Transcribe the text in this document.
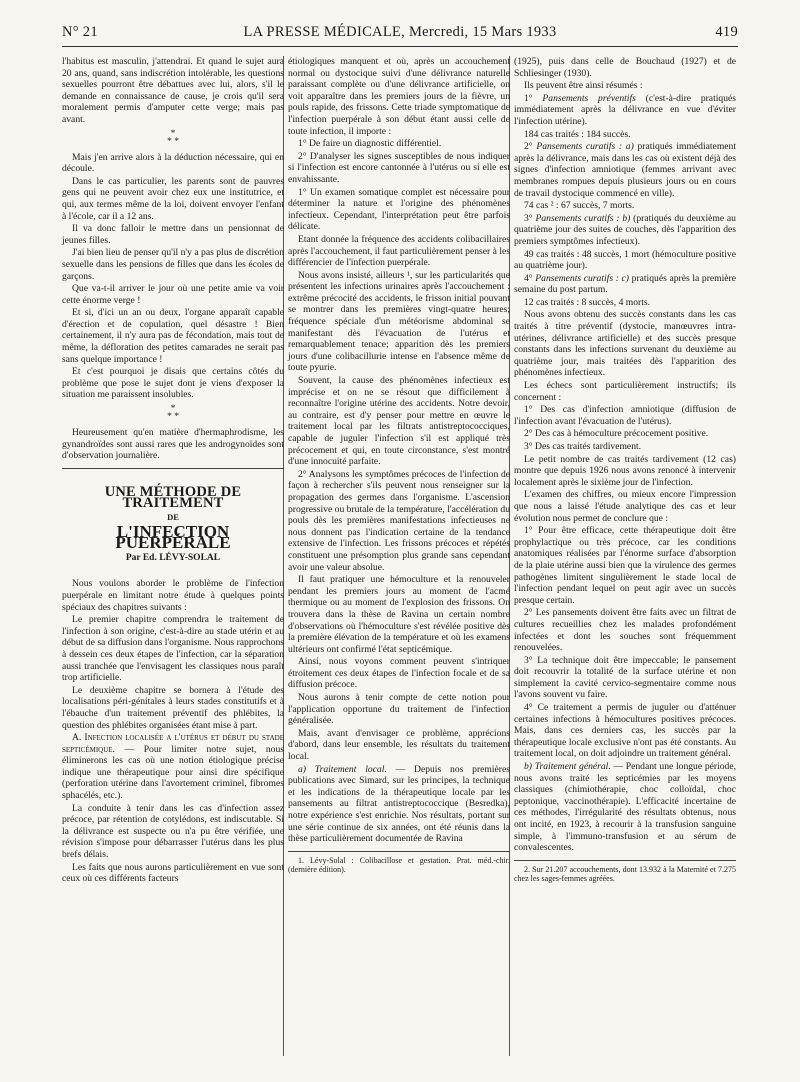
N° 21	LA PRESSE MÉDICALE, Mercredi, 15 Mars 1933	419

l'habitus est masculin, j'attendrai. Et quand le sujet aura 20 ans, quand, sans indiscrétion intolérable, les questions sexuelles pourront être débattues avec lui, alors, s'il le demande en connaissance de cause, je crois qu'il sera moralement permis d'amputer cette verge; mais pas avant.

*
* *

Mais j'en arrive alors à la déduction nécessaire, qui en découle.

Dans le cas particulier, les parents sont de pauvres gens qui ne peuvent avoir chez eux une institutrice, et qui, aux termes même de la loi, doivent envoyer l'enfant à l'école, car il a 12 ans.

Il va donc falloir le mettre dans un pensionnat de jeunes filles.

J'ai bien lieu de penser qu'il n'y a pas plus de discrétion sexuelle dans les pensions de filles que dans les écoles de garçons.

Que va-t-il arriver le jour où une petite amie va voir cette énorme verge !

Et si, d'ici un an ou deux, l'organe apparaît capable d'érection et de copulation, quel désastre ! Bien certainement, il n'y aura pas de fécondation, mais tout de même, la défloration des petites camarades ne serait pas sans quelque importance !

Et c'est pourquoi je disais que certains côtés du problème que pose le sujet dont je viens d'exposer la situation me paraissent insolubles.

*
* *

Heureusement qu'en matière d'hermaphrodisme, les gynandroïdes sont aussi rares que les androgynoïdes sont d'observation journalière.

UNE MÉTHODE DE TRAITEMENT
DE
L'INFECTION PUERPÉRALE
Par Ed. LÉVY-SOLAL

Nous voulons aborder le problème de l'infection puerpérale en limitant notre étude à quelques points spéciaux des chapitres suivants :

Le premier chapitre comprendra le traitement de l'infection à son origine, c'est-à-dire au stade utérin et au début de sa diffusion dans l'organisme. Nous rapprochons à dessein ces deux étapes de l'infection, car la séparation aussi tranchée que l'envisagent les classiques nous paraît trop artificielle.

Le deuxième chapitre se bornera à l'étude des localisations péri-génitales à leurs stades constitutifs et à l'ébauche d'un traitement préventif des phlébites, la question des phlébites organisées étant mise à part.

A. Infection localisée a l'utérus et début du stade septicémique. — Pour limiter notre sujet, nous éliminerons les cas où une notion étiologique précise indique une thérapeutique pour ainsi dire spécifique (perforation utérine dans l'avortement criminel, fibromes sphacélés, etc.).

La conduite à tenir dans les cas d'infection assez précoce, par rétention de cotylédons, est indiscutable. Si la délivrance est suspecte ou n'a pu être vérifiée, une révision s'impose pour débarrasser l'utérus dans les plus brefs délais.

Les faits que nous aurons particulièrement en vue sont ceux où ces différents facteurs

étiologiques manquent et où, après un accouchement normal ou dystocique suivi d'une délivrance naturelle paraissant complète ou d'une délivrance artificielle, on voit apparaître dans les premiers jours de la fièvre, un pouls rapide, des frissons. Cette triade symptomatique de l'infection puerpérale à son début étant aussi celle de toute infection, il importe :

1° De faire un diagnostic différentiel.

2° D'analyser les signes susceptibles de nous indiquer si l'infection est encore cantonnée à l'utérus ou si elle est envahissante.

1° Un examen somatique complet est nécessaire pour déterminer la nature et l'origine des phénomènes infectieux. Cependant, l'interprétation peut être parfois délicate.

Etant donnée la fréquence des accidents colibacillaires après l'accouchement, il faut particulièrement penser à les différencier de l'infection puerpérale.

Nous avons insisté, ailleurs ¹, sur les particularités que présentent les infections urinaires après l'accouchement : extrême précocité des accidents, le frisson initial pouvant se montrer dans les premières vingt-quatre heures; fréquence spéciale d'un météorisme abdominal se manifestant dès l'évacuation de l'utérus et remarquablement tenace; apparition dès les premiers jours d'une colibacillurie intense en l'absence même de toute pyurie.

Souvent, la cause des phénomènes infectieux est imprécise et on ne se résout que difficilement à reconnaître l'origine utérine des accidents. Notre devoir, au contraire, est d'y penser pour mettre en œuvre le traitement local par les filtrats antistreptococciques, capable de juguler l'infection s'il est appliqué très précocement et qui, en toute circonstance, s'est montré d'une innocuité parfaite.

2° Analysons les symptômes précoces de l'infection de façon à rechercher s'ils peuvent nous renseigner sur la propagation des germes dans l'organisme. L'ascension progressive ou brutale de la température, l'accélération du pouls dès les premières manifestations infectieuses ne nous donnent pas l'indication certaine de la tendance extensive de l'infection. Les frissons précoces et répétés constituent une présomption plus grande sans cependant avoir une valeur absolue.

Il faut pratiquer une hémoculture et la renouveler pendant les premiers jours au moment de l'acmé thermique ou au moment de l'explosion des frissons. On trouvera dans la thèse de Ravina un certain nombre d'observations où l'hémoculture s'est révélée positive dès la première élévation de la température et où les examens ultérieurs ont confirmé l'état septicémique.

Ainsi, nous voyons comment peuvent s'intriquer étroitement ces deux étapes de l'infection focale et de sa diffusion précoce.

Nous aurons à tenir compte de cette notion pour l'application opportune du traitement de l'infection généralisée.

Mais, avant d'envisager ce problème, apprécions d'abord, dans leur ensemble, les résultats du traitement local.

a) Traitement local. — Depuis nos premières publications avec Simard, sur les principes, la technique et les indications de la thérapeutique locale par les pansements au filtrat antistreptococcique (Besredka), notre expérience s'est enrichie. Nos résultats, portant sur une série continue de six années, ont été réunis dans la thèse particulièrement documentée de Ravina

1. Lévy-Solal : Colibacillose et gestation. Prat. méd.-chir. (dernière édition).

(1925), puis dans celle de Bouchaud (1927) et de Schliesinger (1930).

Ils peuvent être ainsi résumés :

1° Pansements préventifs (c'est-à-dire pratiqués immédiatement après la délivrance en vue d'éviter l'infection utérine).

184 cas traités : 184 succès.

2° Pansements curatifs : a) pratiqués immédiatement après la délivrance, mais dans les cas où existent déjà des signes d'infection amniotique (femmes arrivant avec membranes rompues depuis plusieurs jours ou en cours de travail dystocique commencé en ville).

74 cas ² : 67 succès, 7 morts.

3° Pansements curatifs : b) (pratiqués du deuxième au quatrième jour des suites de couches, dès l'apparition des premiers symptômes infectieux).

49 cas traités : 48 succès, 1 mort (hémoculture positive au quatrième jour).

4° Pansements curatifs : c) pratiqués après la première semaine du post partum.

12 cas traités : 8 succès, 4 morts.

Nous avons obtenu des succès constants dans les cas traités à titre préventif (dystocie, manœuvres intra-utérines, délivrance artificielle) et des succès presque constants dans les infections survenant du deuxième au quatrième jour, mais traitées dès l'apparition des phénomènes infectieux.

Les échecs sont particulièrement instructifs; ils concernent :

1° Des cas d'infection amniotique (diffusion de l'infection avant l'évacuation de l'utérus).

2° Des cas à hémoculture précocement positive.

3° Des cas traités tardivement.

Le petit nombre de cas traités tardivement (12 cas) montre que depuis 1926 nous avons renoncé à intervenir localement après le sixième jour de l'infection.

L'examen des chiffres, ou mieux encore l'impression que nous a laissé l'étude analytique des cas et leur évolution nous permet de conclure que :

1° Pour être efficace, cette thérapeutique doit être prophylactique ou très précoce, car les conditions anatomiques réalisées par l'énorme surface d'absorption de la plaie utérine aussi bien que la virulence des germes pathogènes limitent singulièrement le stade local de l'infection pendant lequel on peut agir avec un succès presque certain.

2° Les pansements doivent être faits avec un filtrat de cultures recueillies chez les malades profondément infectées et dont les souches sont fréquemment renouvelées.

3° La technique doit être impeccable; le pansement doit recouvrir la totalité de la surface utérine et non simplement la cavité cervico-segmentaire comme nous l'avons souvent vu faire.

4° Ce traitement a permis de juguler ou d'atténuer certaines infections à hémocultures positives précoces. Mais, dans ces derniers cas, les succès par la thérapeutique locale exclusive n'ont pas été constants. Au traitement local, on doit adjoindre un traitement général.

b) Traitement général. — Pendant une longue période, nous avons traité les septicémies par les moyens classiques (chimiothérapie, choc colloïdal, choc peptonique, vaccinothérapie). L'efficacité incertaine de ces méthodes, l'irrégularité des résultats obtenus, nous ont incité, en 1923, à recourir à la transfusion sanguine simple, à l'immuno-transfusion et au sérum de convalescentes.

2. Sur 21.207 accouchements, dont 13.932 à la Maternité et 7.275 chez les sages-femmes agréées.
